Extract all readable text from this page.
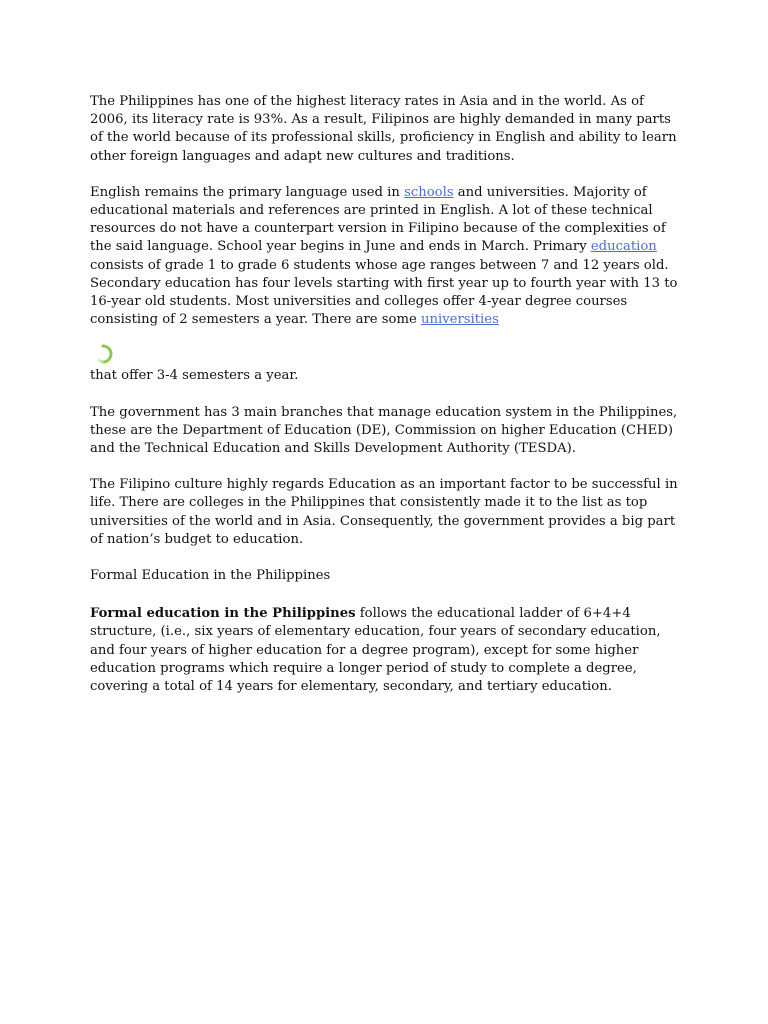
The Philippines has one of the highest literacy rates in Asia and in the world. As of 2006, its literacy rate is 93%. As a result, Filipinos are highly demanded in many parts of the world because of its professional skills, proficiency in English and ability to learn other foreign languages and adapt new cultures and traditions.

English remains the primary language used in schools and universities. Majority of educational materials and references are printed in English. A lot of these technical resources do not have a counterpart version in Filipino because of the complexities of the said language. School year begins in June and ends in March. Primary education consists of grade 1 to grade 6 students whose age ranges between 7 and 12 years old. Secondary education has four levels starting with first year up to fourth year with 13 to 16-year old students. Most universities and colleges offer 4-year degree courses consisting of 2 semesters a year. There are some universities

that offer 3-4 semesters a year.

The government has 3 main branches that manage education system in the Philippines, these are the Department of Education (DE), Commission on higher Education (CHED) and the Technical Education and Skills Development Authority (TESDA).

The Filipino culture highly regards Education as an important factor to be successful in life. There are colleges in the Philippines that consistently made it to the list as top universities of the world and in Asia. Consequently, the government provides a big part of nation’s budget to education.

Formal Education in the Philippines

Formal education in the Philippines follows the educational ladder of 6+4+4 structure, (i.e., six years of elementary education, four years of secondary education, and four years of higher education for a degree program), except for some higher education programs which require a longer period of study to complete a degree, covering a total of 14 years for elementary, secondary, and tertiary education.
